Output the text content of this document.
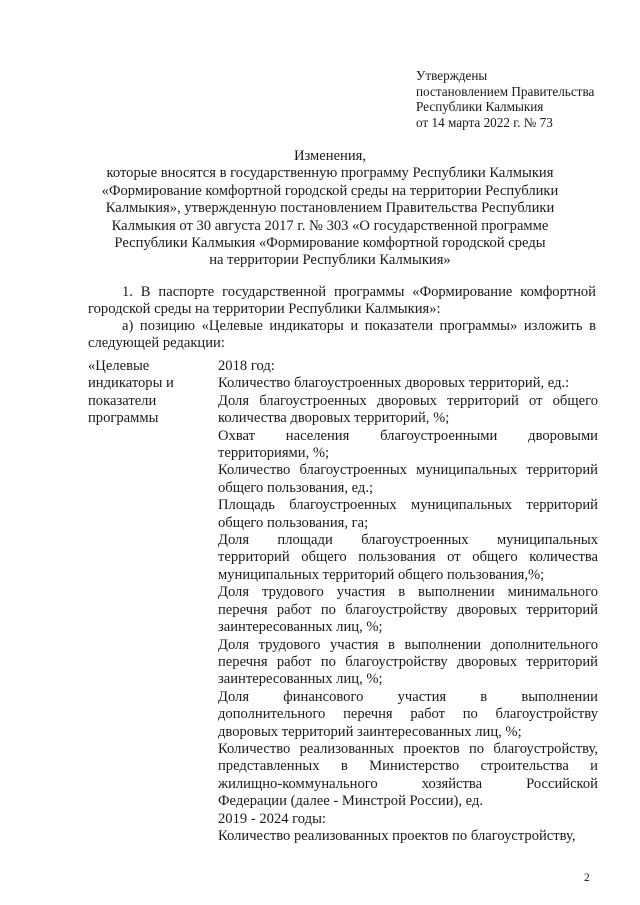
Утверждены
постановлением Правительства
Республики Калмыкия
от 14 марта 2022 г. № 73
Изменения,
которые вносятся в государственную программу Республики Калмыкия
«Формирование комфортной городской среды на территории Республики
Калмыкия», утвержденную постановлением Правительства Республики
Калмыкия от 30 августа 2017 г. № 303 «О государственной программе
Республики Калмыкия «Формирование комфортной городской среды
на территории Республики Калмыкия»
1. В паспорте государственной программы «Формирование комфортной городской среды на территории Республики Калмыкия»:
а) позицию «Целевые индикаторы и показатели программы» изложить в следующей редакции:
«Целевые
индикаторы и
показатели
программы
2018 год:
Количество благоустроенных дворовых территорий, ед.:
Доля благоустроенных дворовых территорий от общего
количества дворовых территорий, %;
Охват населения благоустроенными дворовыми
территориями, %;
Количество благоустроенных муниципальных территорий
общего пользования, ед.;
Площадь благоустроенных муниципальных территорий
общего пользования, га;
Доля площади благоустроенных муниципальных
территорий общего пользования от общего количества
муниципальных территорий общего пользования,%;
Доля трудового участия в выполнении минимального
перечня работ по благоустройству дворовых территорий
заинтересованных лиц, %;
Доля трудового участия в выполнении дополнительного
перечня работ по благоустройству дворовых территорий
заинтересованных лиц, %;
Доля финансового участия в выполнении
дополнительного перечня работ по благоустройству
дворовых территорий заинтересованных лиц, %;
Количество реализованных проектов по благоустройству,
представленных в Министерство строительства и
жилищно-коммунального хозяйства Российской
Федерации (далее - Минстрой России), ед.
2019 - 2024 годы:
Количество реализованных проектов по благоустройству,
2
